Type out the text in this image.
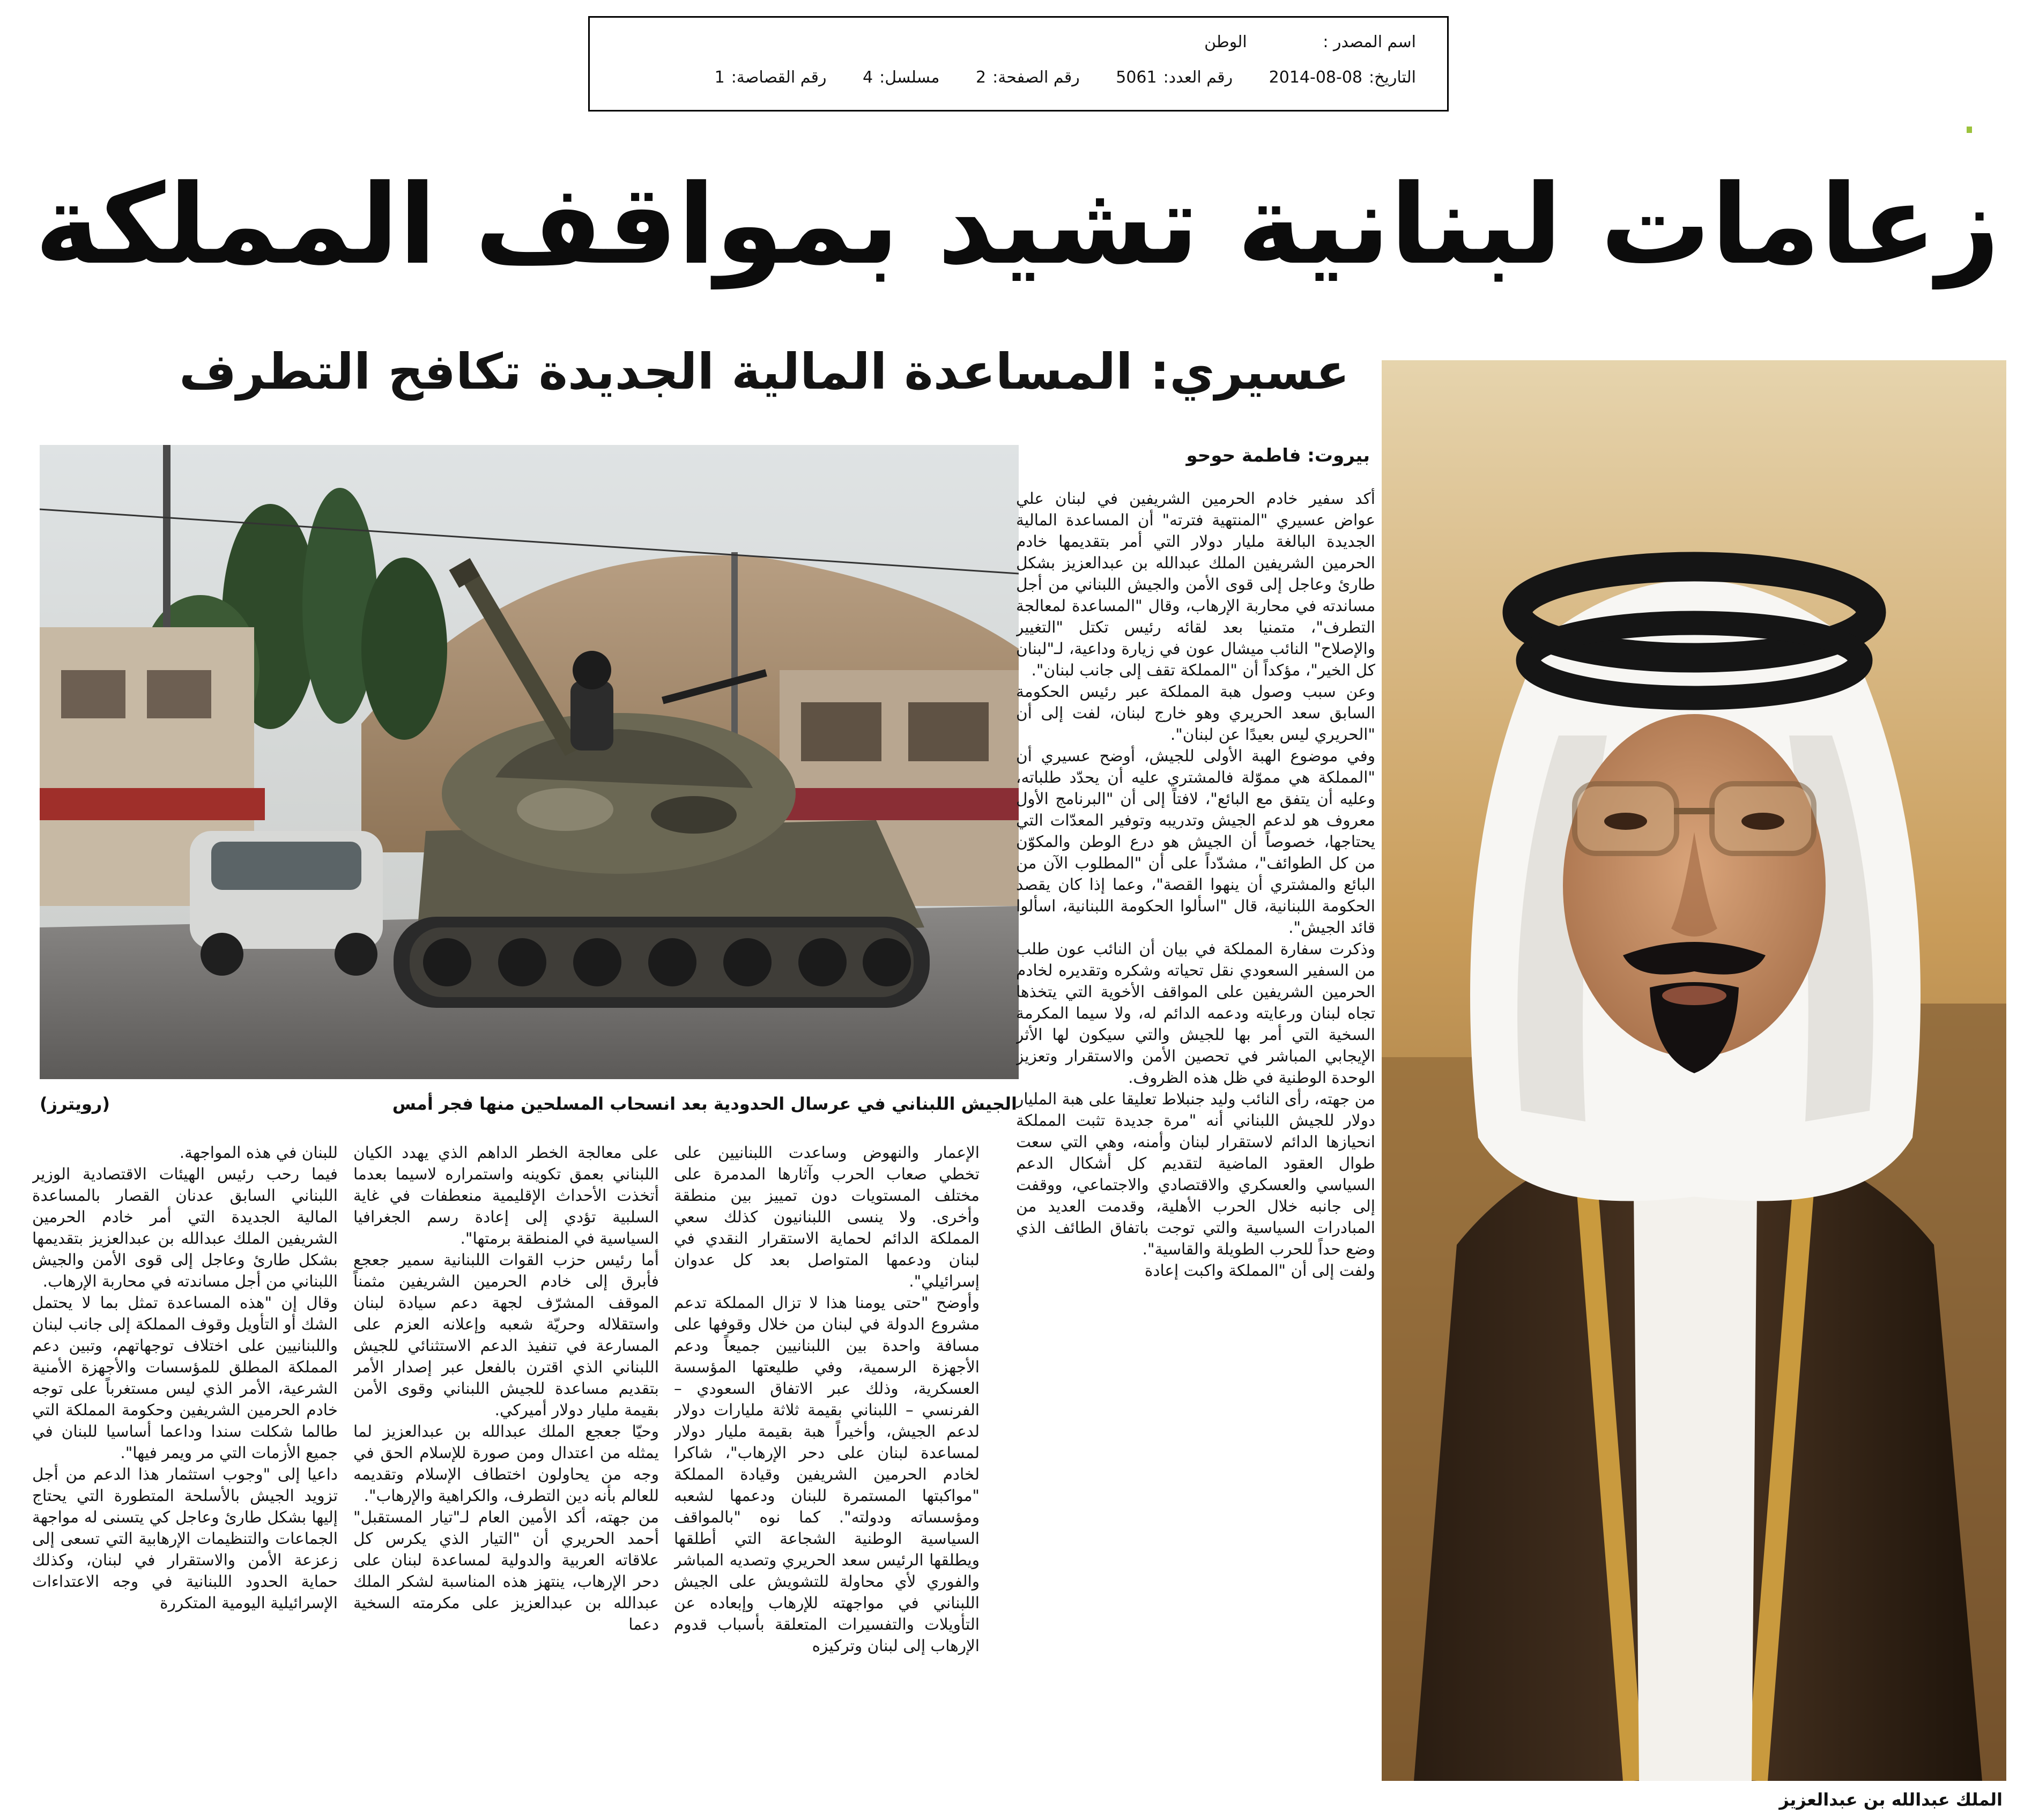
اسم المصدر : الوطن
التاريخ:2014-08-08 رقم العدد:5061 رقم الصفحة:2 مسلسل:4 رقم القصاصة:1
زعامات لبنانية تشيد بمواقف المملكة
عسيري: المساعدة المالية الجديدة تكافح التطرف
الملك عبدالله بن عبدالعزيز
الجيش اللبناني في عرسال الحدودية بعد انسحاب المسلحين منها فجر أمس
(رويترز)
بيروت: فاطمة حوحو

أكد سفير خادم الحرمين الشريفين في لبنان علي عواض عسيري "المنتهية فترته" أن المساعدة المالية الجديدة البالغة مليار دولار التي أمر بتقديمها خادم الحرمين الشريفين الملك عبدالله بن عبدالعزيز بشكل طارئ وعاجل إلى قوى الأمن والجيش اللبناني من أجل مساندته في محاربة الإرهاب، وقال "المساعدة لمعالجة التطرف"، متمنيا بعد لقائه رئيس تكتل "التغيير والإصلاح" النائب ميشال عون في زيارة وداعية، لـ"لبنان كل الخير"، مؤكداً أن "المملكة تقف إلى جانب لبنان".

وعن سبب وصول هبة المملكة عبر رئيس الحكومة السابق سعد الحريري وهو خارج لبنان، لفت إلى أن "الحريري ليس بعيدًا عن لبنان".

وفي موضوع الهبة الأولى للجيش، أوضح عسيري أن "المملكة هي مموّلة فالمشتري عليه أن يحدّد طلباته، وعليه أن يتفق مع البائع"، لافتاً إلى أن "البرنامج الأول معروف هو لدعم الجيش وتدريبه وتوفير المعدّات التي يحتاجها، خصوصاً أن الجيش هو درع الوطن والمكوّن من كل الطوائف"، مشدّداً على أن "المطلوب الآن من البائع والمشتري أن ينهوا القصة"، وعما إذا كان يقصد الحكومة اللبنانية، قال "اسألوا الحكومة اللبنانية، اسألوا قائد الجيش".

وذكرت سفارة المملكة في بيان أن النائب عون طلب من السفير السعودي نقل تحياته وشكره وتقديره لخادم الحرمين الشريفين على المواقف الأخوية التي يتخذها تجاه لبنان ورعايته ودعمه الدائم له، ولا سيما المكرمة السخية التي أمر بها للجيش والتي سيكون لها الأثر الإيجابي المباشر في تحصين الأمن والاستقرار وتعزيز الوحدة الوطنية في ظل هذه الظروف.

من جهته، رأى النائب وليد جنبلاط تعليقا على هبة المليار دولار للجيش اللبناني أنه "مرة جديدة تثبت المملكة انحيازها الدائم لاستقرار لبنان وأمنه، وهي التي سعت طوال العقود الماضية لتقديم كل أشكال الدعم السياسي والعسكري والاقتصادي والاجتماعي، ووقفت إلى جانبه خلال الحرب الأهلية، وقدمت العديد من المبادرات السياسية والتي توجت باتفاق الطائف الذي وضع حداً للحرب الطويلة والقاسية".

ولفت إلى أن "المملكة واكبت إعادة

الإعمار والنهوض وساعدت اللبنانيين على تخطي صعاب الحرب وآثارها المدمرة على مختلف المستويات دون تمييز بين منطقة وأخرى. ولا ينسى اللبنانيون كذلك سعي المملكة الدائم لحماية الاستقرار النقدي في لبنان ودعمها المتواصل بعد كل عدوان إسرائيلي".

وأوضح "حتى يومنا هذا لا تزال المملكة تدعم مشروع الدولة في لبنان من خلال وقوفها على مسافة واحدة بين اللبنانيين جميعاً ودعم الأجهزة الرسمية، وفي طليعتها المؤسسة العسكرية، وذلك عبر الاتفاق السعودي – الفرنسي – اللبناني بقيمة ثلاثة مليارات دولار لدعم الجيش، وأخيراً هبة بقيمة مليار دولار لمساعدة لبنان على دحر الإرهاب"، شاكرا لخادم الحرمين الشريفين وقيادة المملكة "مواكبتها المستمرة للبنان ودعمها لشعبه ومؤسساته ودولته". كما نوه "بالمواقف السياسية الوطنية الشجاعة التي أطلقها ويطلقها الرئيس سعد الحريري وتصديه المباشر والفوري لأي محاولة للتشويش على الجيش اللبناني في مواجهته للإرهاب وإبعاده عن التأويلات والتفسيرات المتعلقة بأسباب قدوم الإرهاب إلى لبنان وتركيزه

على معالجة الخطر الداهم الذي يهدد الكيان اللبناني بعمق تكوينه واستمراره لاسيما بعدما أتخذت الأحداث الإقليمية منعطفات في غاية السلبية تؤدي إلى إعادة رسم الجغرافيا السياسية في المنطقة برمتها".

أما رئيس حزب القوات اللبنانية سمير جعجع فأبرق إلى خادم الحرمين الشريفين مثمناً الموقف المشرّف لجهة دعم سيادة لبنان واستقلاله وحريّة شعبه وإعلانه العزم على المسارعة في تنفيذ الدعم الاستثنائي للجيش اللبناني الذي اقترن بالفعل عبر إصدار الأمر بتقديم مساعدة للجيش اللبناني وقوى الأمن بقيمة مليار دولار أميركي.

وحيّا جعجع الملك عبدالله بن عبدالعزيز لما يمثله من اعتدال ومن صورة للإسلام الحق في وجه من يحاولون اختطاف الإسلام وتقديمه للعالم بأنه دين التطرف، والكراهية والإرهاب".

من جهته، أكد الأمين العام لـ"تيار المستقبل" أحمد الحريري أن "التيار الذي يكرس كل علاقاته العربية والدولية لمساعدة لبنان على دحر الإرهاب، ينتهز هذه المناسبة لشكر الملك عبدالله بن عبدالعزيز على مكرمته السخية دعما

للبنان في هذه المواجهة.

فيما رحب رئيس الهيئات الاقتصادية الوزير اللبناني السابق عدنان القصار بالمساعدة المالية الجديدة التي أمر خادم الحرمين الشريفين الملك عبدالله بن عبدالعزيز بتقديمها بشكل طارئ وعاجل إلى قوى الأمن والجيش اللبناني من أجل مساندته في محاربة الإرهاب.

وقال إن "هذه المساعدة تمثل بما لا يحتمل الشك أو التأويل وقوف المملكة إلى جانب لبنان واللبنانيين على اختلاف توجهاتهم، وتبين دعم المملكة المطلق للمؤسسات والأجهزة الأمنية الشرعية، الأمر الذي ليس مستغرباً على توجه خادم الحرمين الشريفين وحكومة المملكة التي طالما شكلت سندا وداعما أساسيا للبنان في جميع الأزمات التي مر ويمر فيها".

داعيا إلى "وجوب استثمار هذا الدعم من أجل تزويد الجيش بالأسلحة المتطورة التي يحتاج إليها بشكل طارئ وعاجل كي يتسنى له مواجهة الجماعات والتنظيمات الإرهابية التي تسعى إلى زعزعة الأمن والاستقرار في لبنان، وكذلك حماية الحدود اللبنانية في وجه الاعتداءات الإسرائيلية اليومية المتكررة
